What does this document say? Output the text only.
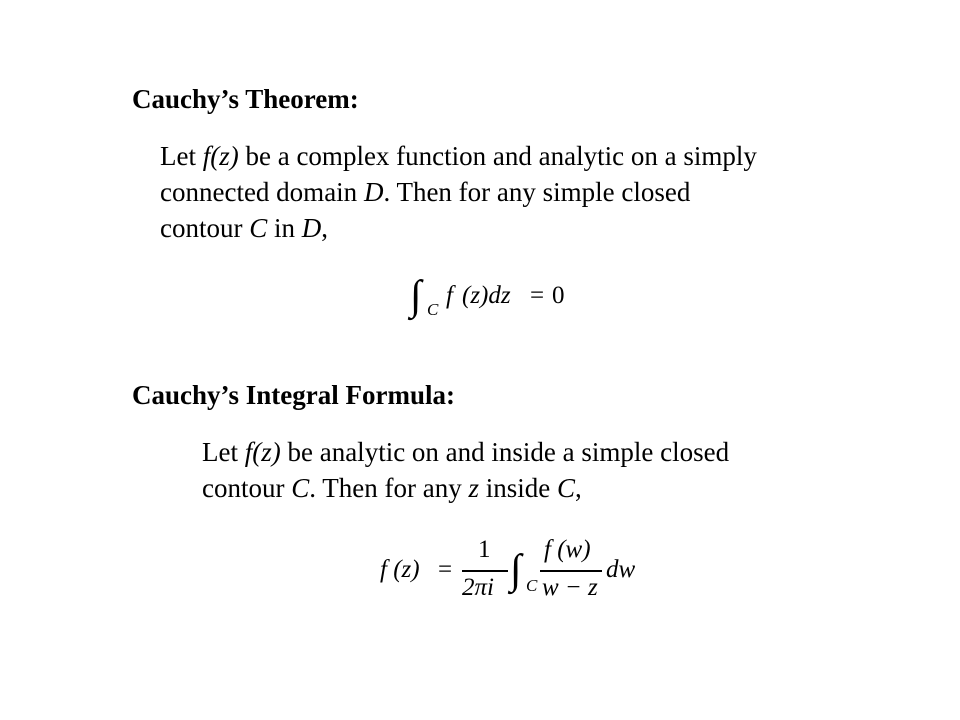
Cauchy’s Theorem:
Let f(z) be a complex function and analytic on a simply
connected domain D. Then for any simple closed
contour C in D,
∫ C
f (z)dz = 0
Cauchy’s Integral Formula:
Let f(z) be analytic on and inside a simple closed
contour C. Then for any z inside C,
f (z) =
1
2πi ∫ C
f (w)
w − z
dw
